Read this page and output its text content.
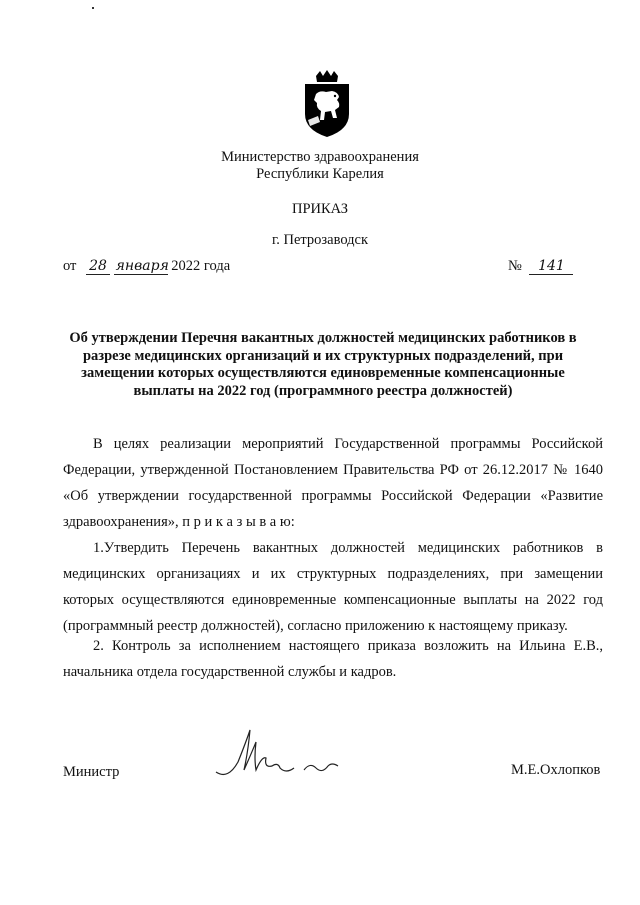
Министерство здравоохранения
Республики Карелия
ПРИКАЗ
г. Петрозаводск
от 28 января 2022 года	№ 141
Об утверждении Перечня вакантных должностей медицинских работников в разрезе медицинских организаций и их структурных подразделений, при замещении которых осуществляются единовременные компенсационные выплаты на 2022 год (программного реестра должностей)

В целях реализации мероприятий Государственной программы Российской Федерации, утвержденной Постановлением Правительства РФ от 26.12.2017 № 1640 «Об утверждении государственной программы Российской Федерации «Развитие здравоохранения», п р и к а з ы в а ю:

1.Утвердить Перечень вакантных должностей медицинских работников в медицинских организациях и их структурных подразделениях, при замещении которых осуществляются единовременные компенсационные выплаты на 2022 год (программный реестр должностей), согласно приложению к настоящему приказу.

2. Контроль за исполнением настоящего приказа возложить на Ильина Е.В., начальника отдела государственной службы и кадров.

Министр	М.Е.Охлопков
